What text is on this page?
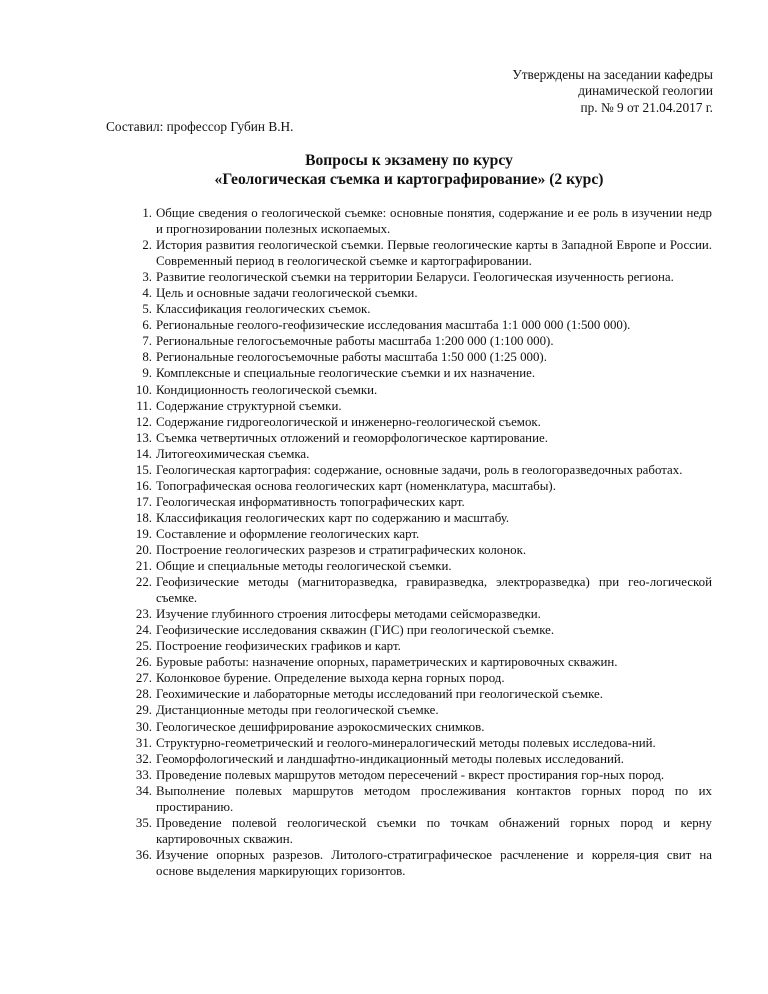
Утверждены на заседании кафедры
динамической геологии
пр. № 9 от 21.04.2017 г.
Составил: профессор Губин В.Н.
Вопросы к экзамену по курсу
«Геологическая съемка и картографирование» (2 курс)
1. Общие сведения о геологической съемке: основные понятия, содержание и ее роль в изучении недр и прогнозировании полезных ископаемых.
2. История развития геологической съемки. Первые геологические карты в Западной Европе и России. Современный период в геологической съемке и картографировании.
3. Развитие геологической съемки на территории Беларуси. Геологическая изученность региона.
4. Цель и основные задачи геологической съемки.
5. Классификация геологических съемок.
6. Региональные геолого-геофизические исследования масштаба 1:1 000 000 (1:500 000).
7. Региональные гелогосъемочные работы масштаба 1:200 000 (1:100 000).
8. Региональные геологосъемочные работы масштаба 1:50 000 (1:25 000).
9. Комплексные и специальные геологические съемки и их назначение.
10. Кондиционность геологической съемки.
11. Содержание структурной съемки.
12. Содержание гидрогеологической и инженерно-геологической съемок.
13. Съемка четвертичных отложений и геоморфологическое картирование.
14. Литогеохимическая съемка.
15. Геологическая картография: содержание, основные задачи, роль в геологоразведочных работах.
16. Топографическая основа геологических карт (номенклатура, масштабы).
17. Геологическая информативность топографических карт.
18. Классификация геологических карт по содержанию и масштабу.
19. Составление и оформление геологических карт.
20. Построение геологических разрезов и стратиграфических колонок.
21. Общие и специальные методы геологической съемки.
22. Геофизические методы (магниторазведка, гравиразведка, электроразведка) при гео-логической съемке.
23. Изучение глубинного строения литосферы методами сейсморазведки.
24. Геофизические исследования скважин (ГИС) при геологической съемке.
25. Построение геофизических графиков и карт.
26. Буровые работы: назначение опорных, параметрических и картировочных скважин.
27. Колонковое бурение. Определение выхода керна горных пород.
28. Геохимические и лабораторные методы исследований при геологической съемке.
29. Дистанционные методы при геологической съемке.
30. Геологическое дешифрирование аэрокосмических снимков.
31. Структурно-геометрический и геолого-минералогический методы полевых исследова-ний.
32. Геоморфологический и ландшафтно-индикационный методы полевых исследований.
33. Проведение полевых маршрутов методом пересечений - вкрест простирания гор-ных пород.
34. Выполнение полевых маршрутов методом прослеживания контактов горных пород по их простиранию.
35. Проведение полевой геологической съемки по точкам обнажений горных пород и керну картировочных скважин.
36. Изучение опорных разрезов. Литолого-стратиграфическое расчленение и корреля-ция свит на основе выделения маркирующих горизонтов.
